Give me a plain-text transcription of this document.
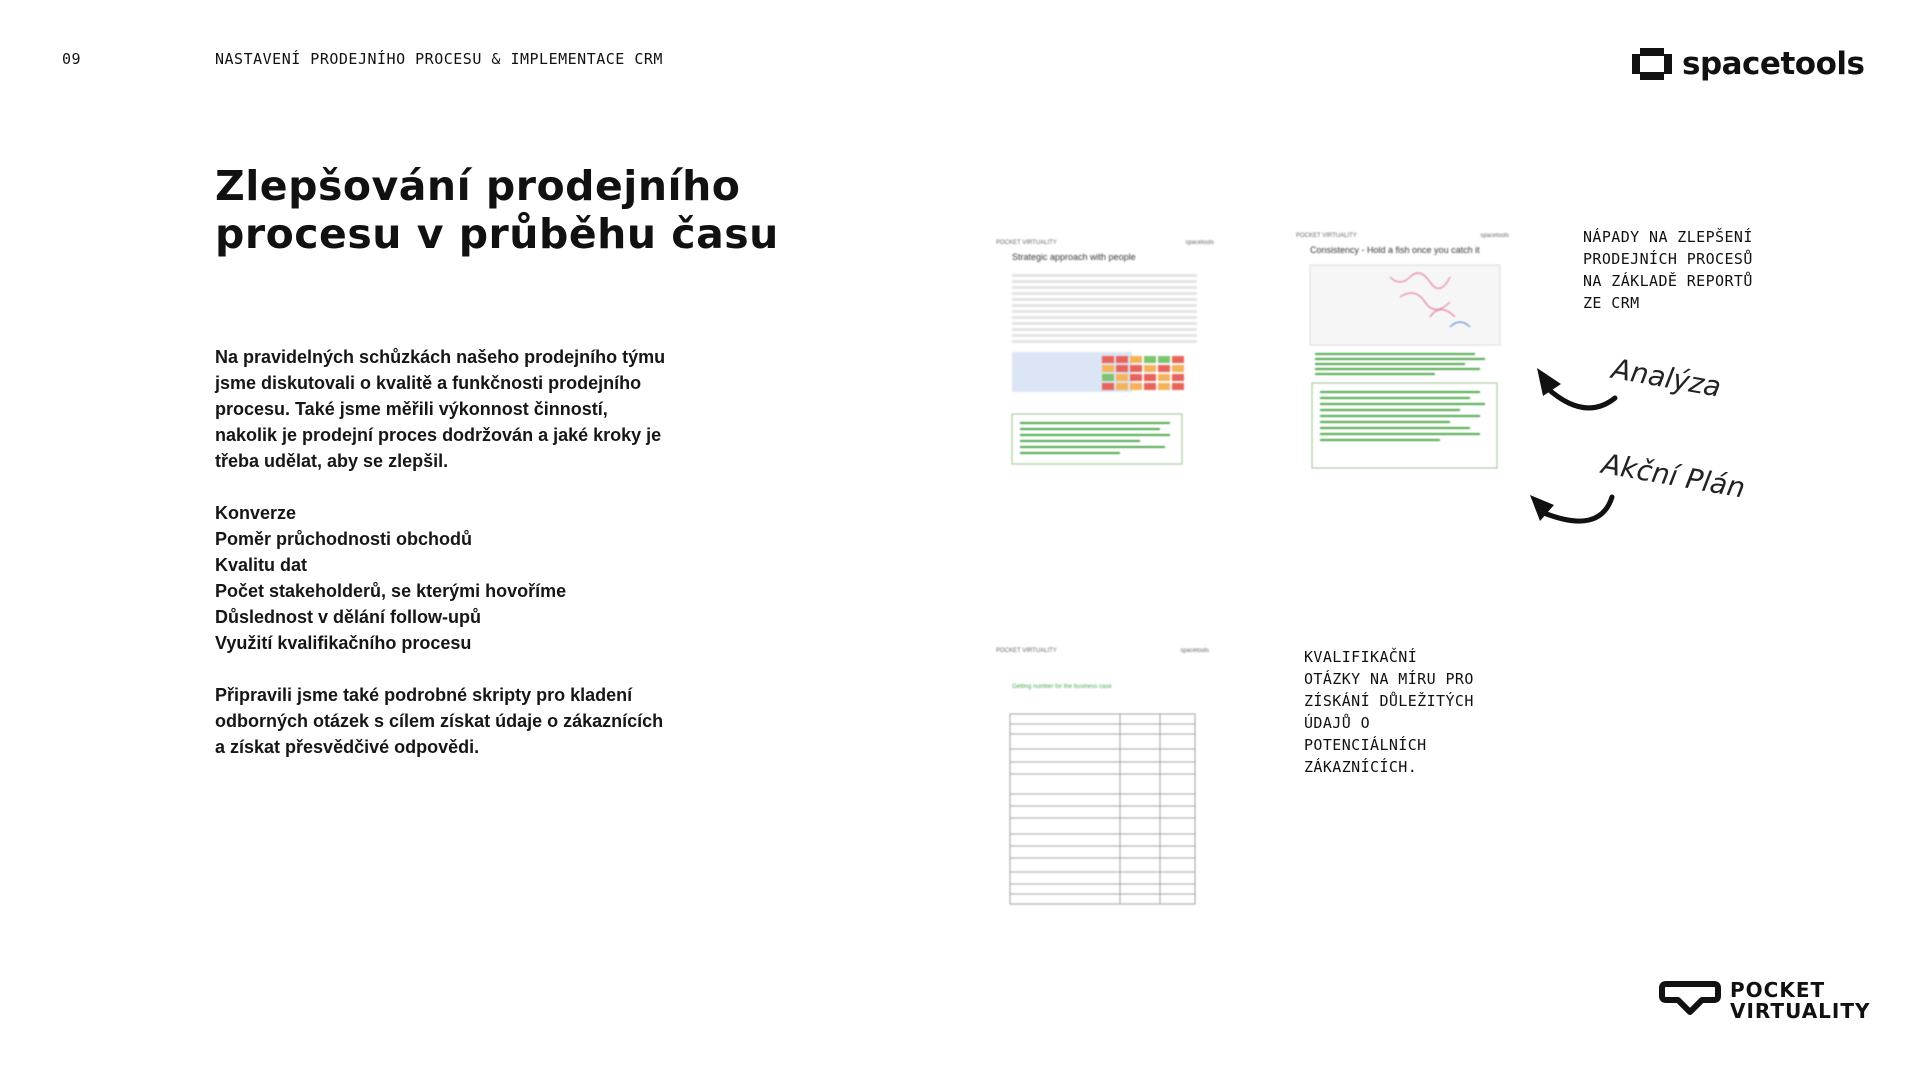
09	NASTAVENÍ PRODEJNÍHO PROCESU & IMPLEMENTACE CRM	spacetools
Zlepšování prodejního
procesu v průběhu času

Na pravidelných schůzkách našeho prodejního týmu

jsme diskutovali o kvalitě a funkčnosti prodejního

procesu. Také jsme měřili výkonnost činností,

nakolik je prodejní proces dodržován a jaké kroky je

třeba udělat, aby se zlepšil.

Konverze

Poměr průchodnosti obchodů

Kvalitu dat

Počet stakeholderů, se kterými hovoříme

Důslednost v dělání follow-upů

Využití kvalifikačního procesu

Připravili jsme také podrobné skripty pro kladení

odborných otázek s cílem získat údaje o zákaznících

a získat přesvědčivé odpovědi.

POCKET VIRTUALITY	spacetools
Strategic approach with people
POCKET VIRTUALITY	spacetools
Consistency - Hold a fish once you catch it
POCKET VIRTUALITY	spacetools
Getting number for the business case
NÁPADY NA ZLEPŠENÍ
PRODEJNÍCH PROCESŮ
NA ZÁKLADĚ REPORTŮ
ZE CRM
KVALIFIKAČNÍ
OTÁZKY NA MÍRU PRO
ZÍSKÁNÍ DŮLEŽITÝCH
ÚDAJŮ O
POTENCIÁLNÍCH
ZÁKAZNÍCÍCH.
Analýza
Akční Plán
POCKET
VIRTUALITY
